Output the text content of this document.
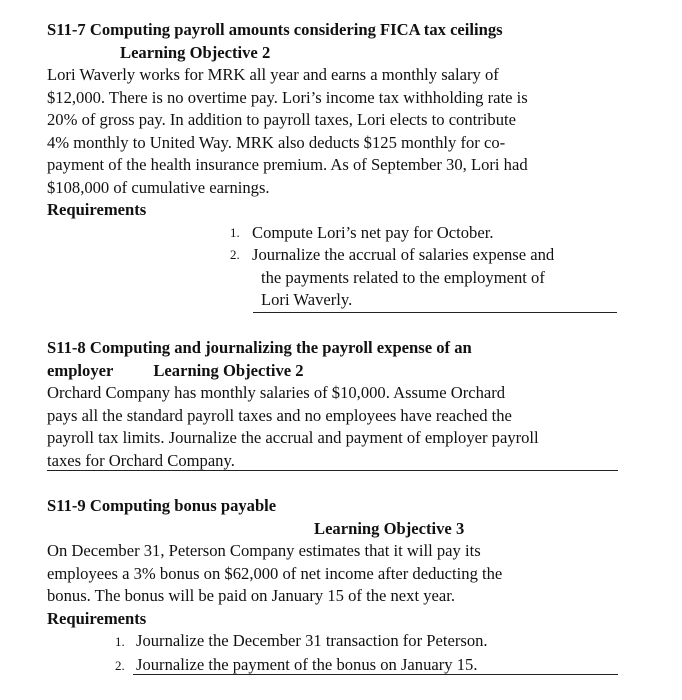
S11-7 Computing payroll amounts considering FICA tax ceilings
Learning Objective 2
Lori Waverly works for MRK all year and earns a monthly salary of
$12,000. There is no overtime pay. Lori’s income tax withholding rate is
20% of gross pay. In addition to payroll taxes, Lori elects to contribute
4% monthly to United Way. MRK also deducts $125 monthly for co-
payment of the health insurance premium. As of September 30, Lori had
$108,000 of cumulative earnings.
Requirements
1. Compute Lori’s net pay for October.
2. Journalize the accrual of salaries expense and
the payments related to the employment of
Lori Waverly.
S11-8 Computing and journalizing the payroll expense of an
employer Learning Objective 2
Orchard Company has monthly salaries of $10,000. Assume Orchard
pays all the standard payroll taxes and no employees have reached the
payroll tax limits. Journalize the accrual and payment of employer payroll
taxes for Orchard Company.
S11-9 Computing bonus payable
Learning Objective 3
On December 31, Peterson Company estimates that it will pay its
employees a 3% bonus on $62,000 of net income after deducting the
bonus. The bonus will be paid on January 15 of the next year.
Requirements
1. Journalize the December 31 transaction for Peterson.
2. Journalize the payment of the bonus on January 15.
